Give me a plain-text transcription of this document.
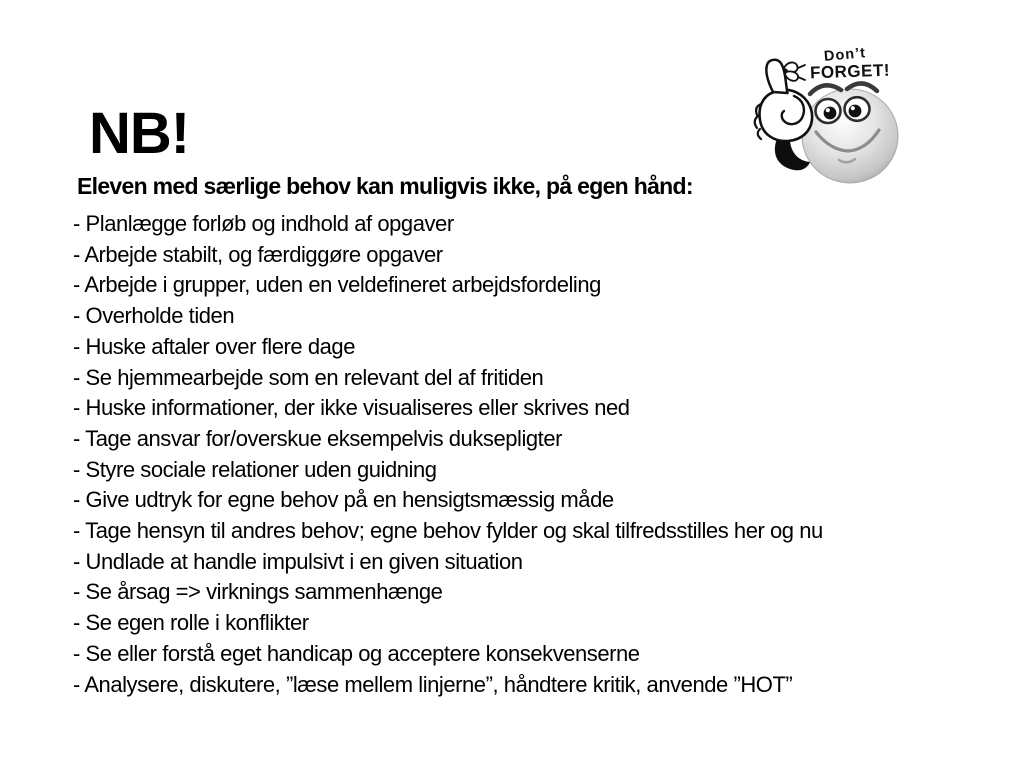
NB!

Eleven med særlige behov kan muligvis ikke, på egen hånd:

- Planlægge forløb og indhold af opgaver
- Arbejde stabilt, og færdiggøre opgaver
- Arbejde i grupper, uden en veldefineret arbejdsfordeling
- Overholde tiden
- Huske aftaler over flere dage
- Se hjemmearbejde som en relevant del af fritiden
- Huske informationer, der ikke visualiseres eller skrives ned
- Tage ansvar for/overskue eksempelvis duksepligter
- Styre sociale relationer uden guidning
- Give udtryk for egne behov på en hensigtsmæssig måde
- Tage hensyn til andres behov; egne behov fylder og skal tilfredsstilles her og nu
- Undlade at handle impulsivt i en given situation
- Se årsag => virknings sammenhænge
- Se egen rolle i konflikter
- Se eller forstå eget handicap og acceptere konsekvenserne
- Analysere, diskutere, ”læse mellem linjerne”, håndtere kritik, anvende ”HOT”
Don’t
FORGET!
